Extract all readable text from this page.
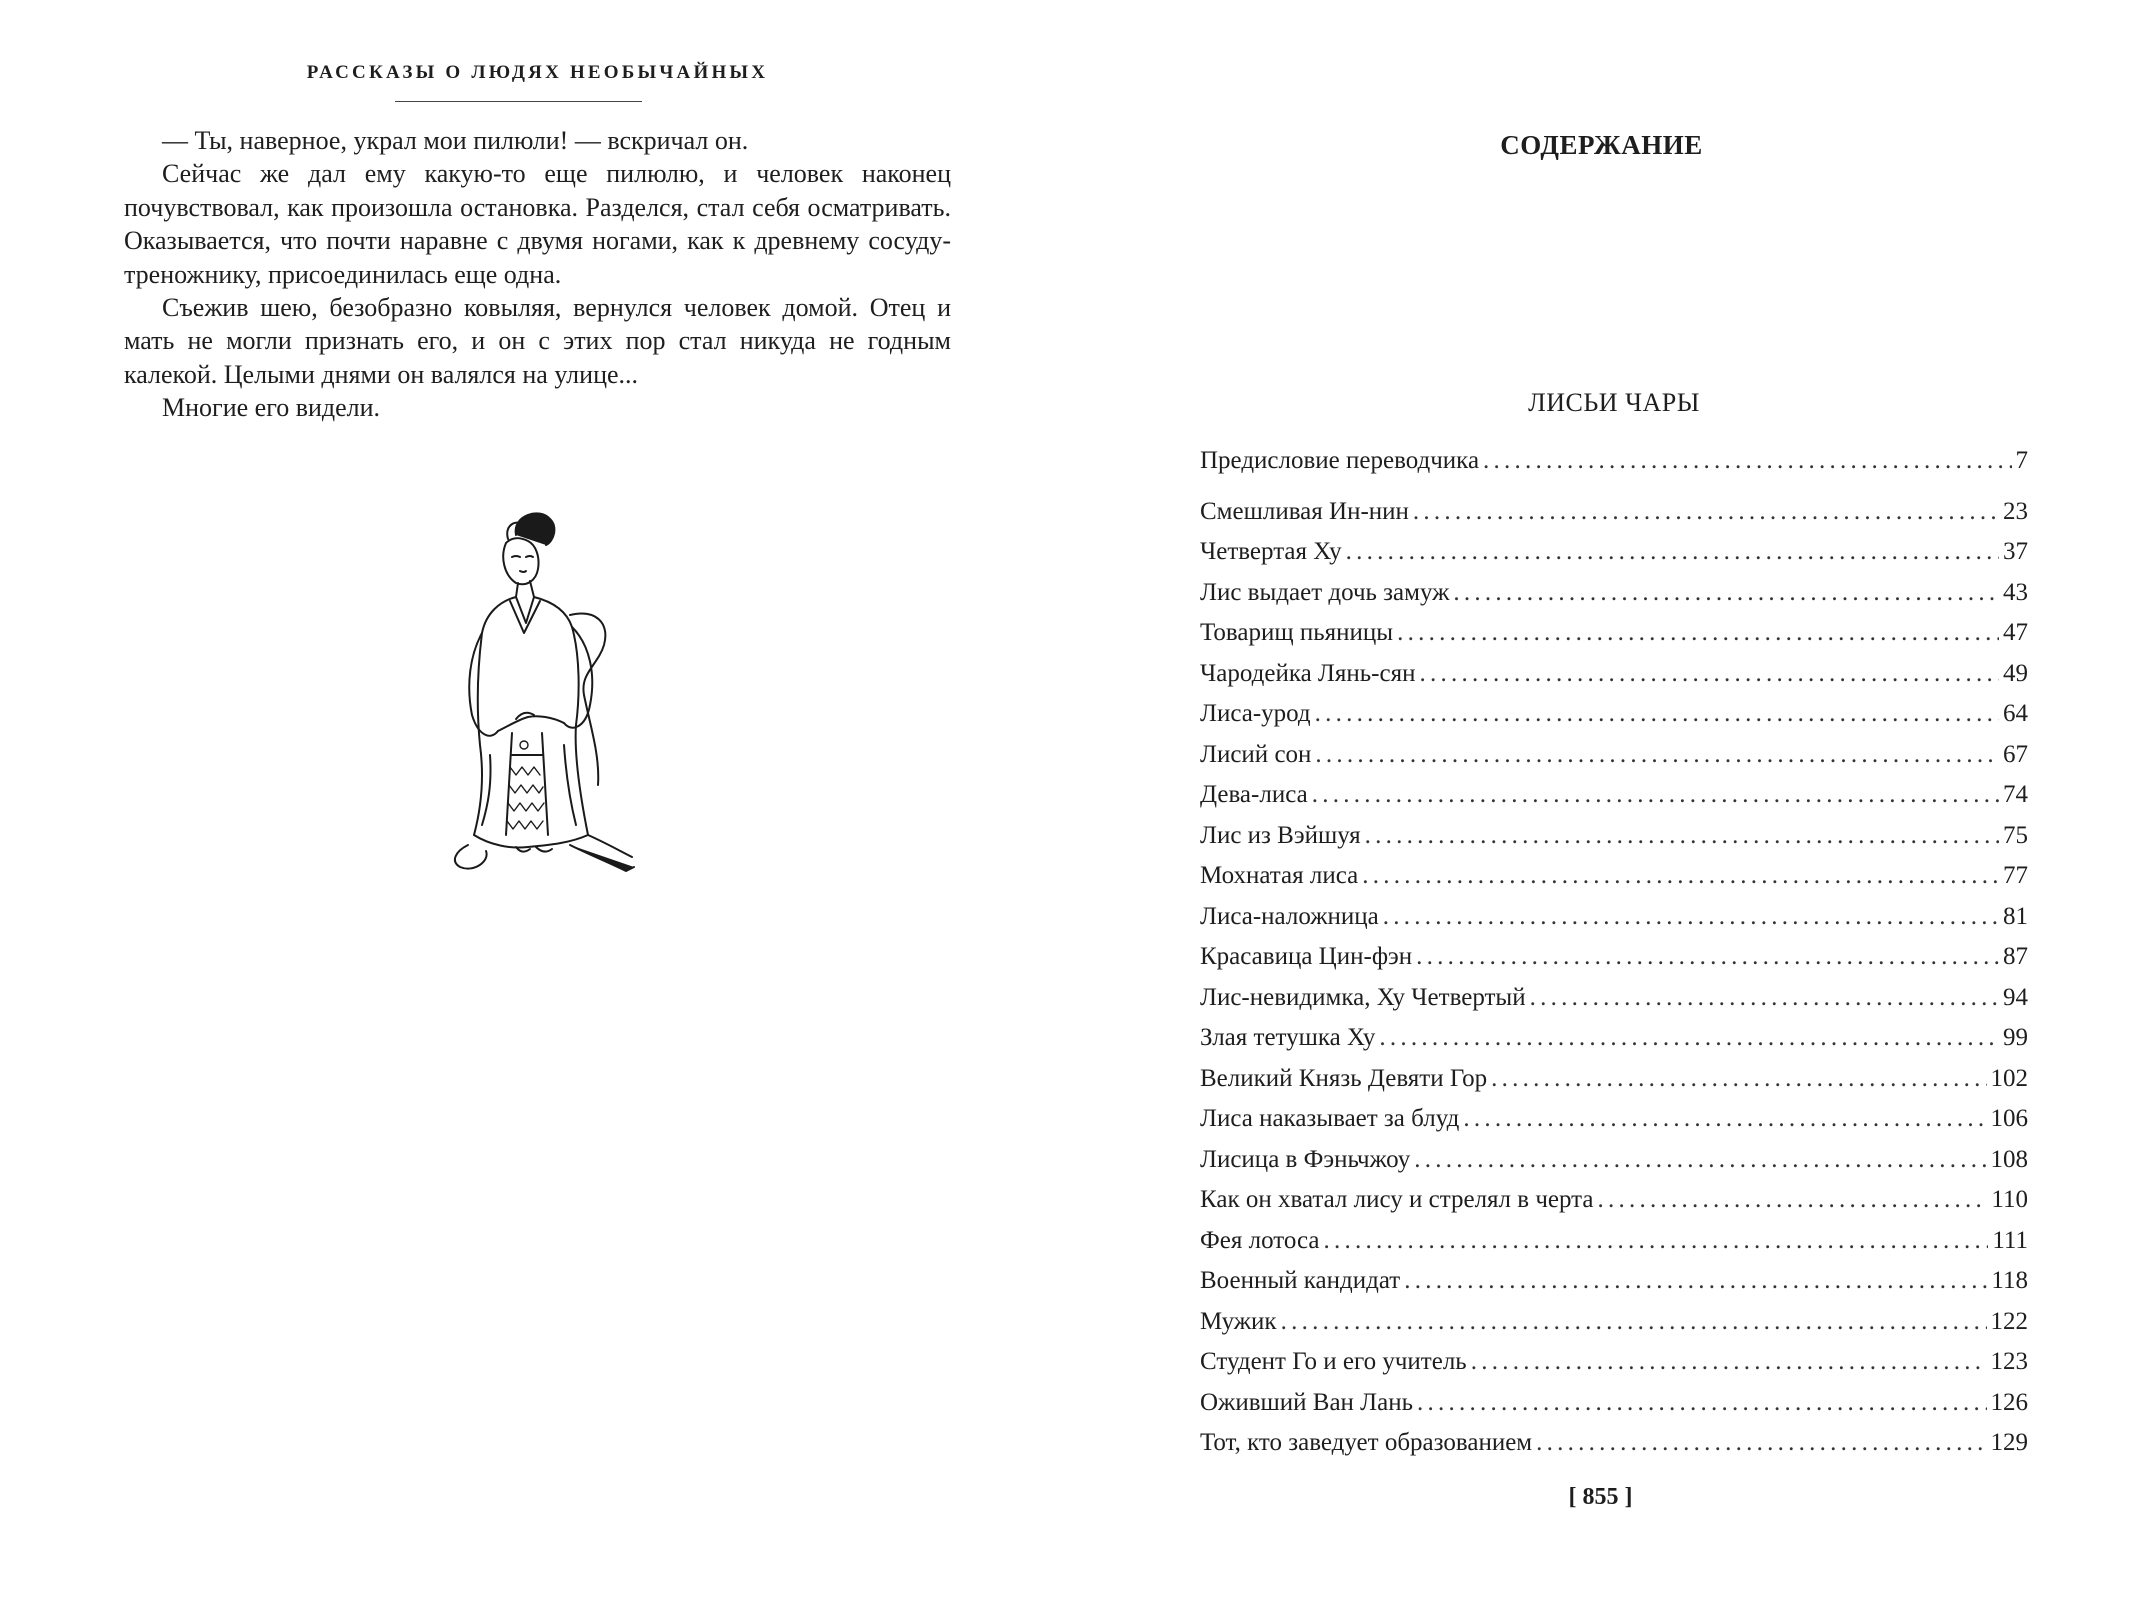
РАССКАЗЫ О ЛЮДЯХ НЕОБЫЧАЙНЫХ

— Ты, наверное, украл мои пилюли! — вскричал он.

Сейчас же дал ему какую-то еще пилюлю, и человек наконец почувствовал, как произошла остановка. Разделся, стал себя осматривать. Оказывается, что почти наравне с двумя ногами, как к древнему сосуду-треножнику, присоединилась еще одна.

Съежив шею, безобразно ковыляя, вернулся человек домой. Отец и мать не могли признать его, и он с этих пор стал никуда не годным калекой. Целыми днями он валялся на улице...

Многие его видели.

СОДЕРЖАНИЕ
ЛИСЬИ ЧАРЫ
Предисловие переводчика . . .	7
Смешливая Ин-нин . . .	23
Четвертая Ху . . .	37
Лис выдает дочь замуж . . .	43
Товарищ пьяницы . . .	47
Чародейка Лянь-сян . . .	49
Лиса-урод . . .	64
Лисий сон . . .	67
Дева-лиса . . .	74
Лис из Вэйшуя . . .	75
Мохнатая лиса . . .	77
Лиса-наложница . . .	81
Красавица Цин-фэн . . .	87
Лис-невидимка, Ху Четвертый . . .	94
Злая тетушка Ху . . .	99
Великий Князь Девяти Гор . . .	102
Лиса наказывает за блуд . . .	106
Лисица в Фэньчжоу . . .	108
Как он хватал лису и стрелял в черта . . .	110
Фея лотоса . . .	111
Военный кандидат . . .	118
Мужик . . .	122
Студент Го и его учитель . . .	123
Оживший Ван Лань . . .	126
Тот, кто заведует образованием . . .	129
[ 855 ]
